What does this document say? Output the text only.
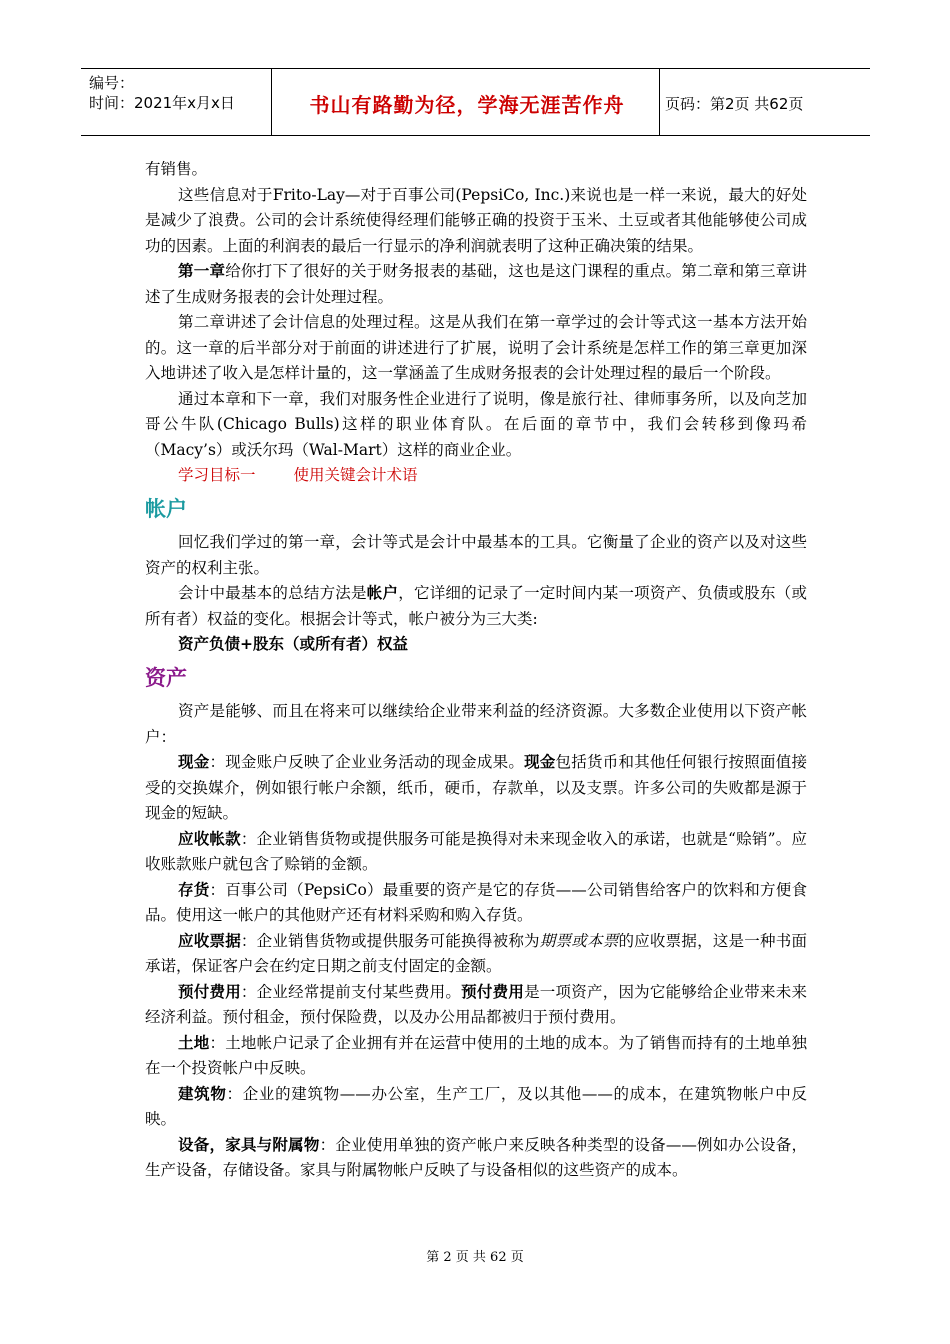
编号：
时间：2021年x月x日	书山有路勤为径，学海无涯苦作舟	页码：第2页 共62页

有销售。

这些信息对于Frito-Lay—对于百事公司(PepsiCo, Inc.)来说也是一样一来说，最大的好处是减少了浪费。公司的会计系统使得经理们能够正确的投资于玉米、土豆或者其他能够使公司成功的因素。上面的利润表的最后一行显示的净利润就表明了这种正确决策的结果。

第一章给你打下了很好的关于财务报表的基础，这也是这门课程的重点。第二章和第三章讲述了生成财务报表的会计处理过程。

第二章讲述了会计信息的处理过程。这是从我们在第一章学过的会计等式这一基本方法开始的。这一章的后半部分对于前面的讲述进行了扩展，说明了会计系统是怎样工作的第三章更加深入地讲述了收入是怎样计量的，这一掌涵盖了生成财务报表的会计处理过程的最后一个阶段。

通过本章和下一章，我们对服务性企业进行了说明，像是旅行社、律师事务所，以及向芝加哥公牛队(Chicago Bulls)这样的职业体育队。在后面的章节中，我们会转移到像玛希（Macy’s）或沃尔玛（Wal-Mart）这样的商业企业。

学习目标一 使用关键会计术语

帐户

回忆我们学过的第一章，会计等式是会计中最基本的工具。它衡量了企业的资产以及对这些资产的权利主张。

会计中最基本的总结方法是帐户，它详细的记录了一定时间内某一项资产、负债或股东（或所有者）权益的变化。根据会计等式，帐户被分为三大类:

资产负债+股东（或所有者）权益

资产

资产是能够、而且在将来可以继续给企业带来利益的经济资源。大多数企业使用以下资产帐户：

现金：现金账户反映了企业业务活动的现金成果。现金包括货币和其他任何银行按照面值接受的交换媒介，例如银行帐户余额，纸币，硬币，存款单，以及支票。许多公司的失败都是源于现金的短缺。

应收帐款：企业销售货物或提供服务可能是换得对未来现金收入的承诺，也就是“赊销”。应收账款账户就包含了赊销的金额。

存货：百事公司（PepsiCo）最重要的资产是它的存货——公司销售给客户的饮料和方便食品。使用这一帐户的其他财产还有材料采购和购入存货。

应收票据：企业销售货物或提供服务可能换得被称为期票或本票的应收票据，这是一种书面承诺，保证客户会在约定日期之前支付固定的金额。

预付费用：企业经常提前支付某些费用。预付费用是一项资产，因为它能够给企业带来未来经济利益。预付租金，预付保险费，以及办公用品都被归于预付费用。

土地：土地帐户记录了企业拥有并在运营中使用的土地的成本。为了销售而持有的土地单独在一个投资帐户中反映。

建筑物：企业的建筑物——办公室，生产工厂，及以其他——的成本，在建筑物帐户中反映。

设备，家具与附属物：企业使用单独的资产帐户来反映各种类型的设备——例如办公设备，生产设备，存储设备。家具与附属物帐户反映了与设备相似的这些资产的成本。

第 2 页 共 62 页
